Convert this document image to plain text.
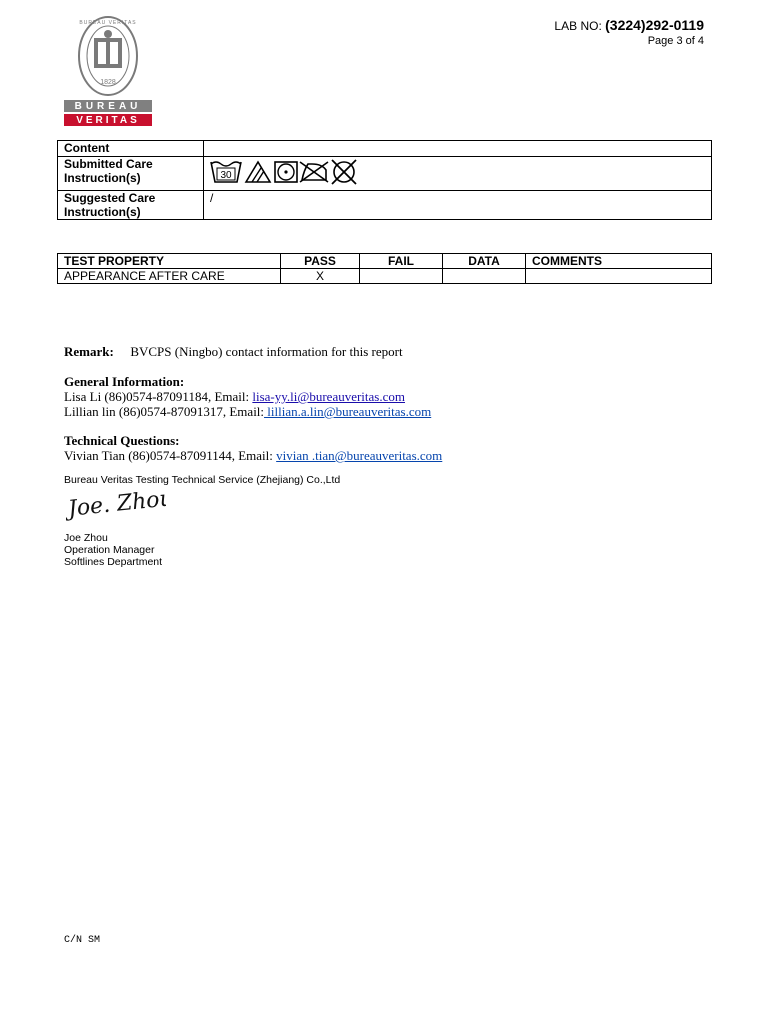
LAB NO: (3224)292-0119
Page 3 of 4
1828
BUREAU VERITAS
BUREAU
VERITAS
Content	
Submitted Care Instruction(s)	30

Suggested Care Instruction(s)	/
TEST PROPERTY	PASS	FAIL	DATA	COMMENTS
APPEARANCE AFTER CARE	X			
Remark: BVCPS (Ningbo) contact information for this report
General Information:
Lisa Li (86)0574-87091184, Email: lisa-yy.li@bureauveritas.com
Lillian lin (86)0574-87091317, Email: lillian.a.lin@bureauveritas.com
Technical Questions:
Vivian Tian (86)0574-87091144, Email: vivian .tian@bureauveritas.com
Bureau Veritas Testing Technical Service (Zhejiang) Co.,Ltd
Joe. Zhou
Joe Zhou
Operation Manager
Softlines Department
C/N SM
